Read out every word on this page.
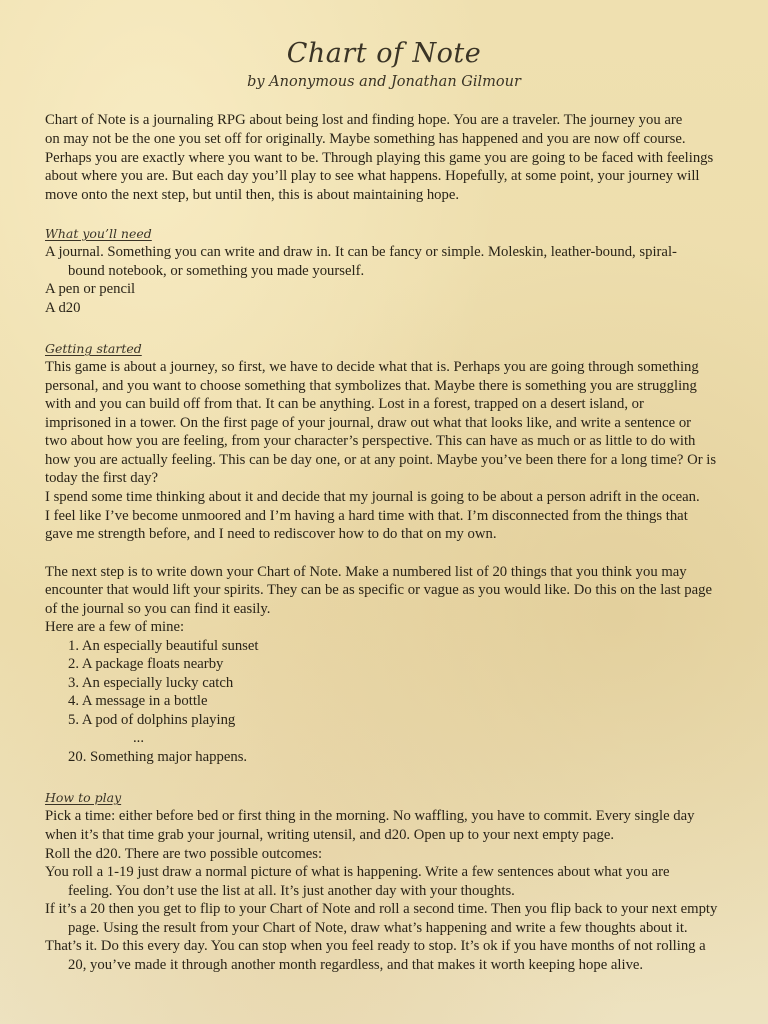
Chart of Note
by Anonymous and Jonathan Gilmour
Chart of Note is a journaling RPG about being lost and finding hope. You are a traveler. The journey you are
on may not be the one you set off for originally. Maybe something has happened and you are now off course.
Perhaps you are exactly where you want to be. Through playing this game you are going to be faced with feelings
about where you are. But each day you’ll play to see what happens. Hopefully, at some point, your journey will
move onto the next step, but until then, this is about maintaining hope.
What you’ll need
A journal. Something you can write and draw in. It can be fancy or simple. Moleskin, leather-bound, spiral-
bound notebook, or something you made yourself.
A pen or pencil
A d20
Getting started
This game is about a journey, so first, we have to decide what that is. Perhaps you are going through something
personal, and you want to choose something that symbolizes that. Maybe there is something you are struggling
with and you can build off from that. It can be anything. Lost in a forest, trapped on a desert island, or
imprisoned in a tower. On the first page of your journal, draw out what that looks like, and write a sentence or
two about how you are feeling, from your character’s perspective. This can have as much or as little to do with
how you are actually feeling. This can be day one, or at any point. Maybe you’ve been there for a long time? Or is
today the first day?
I spend some time thinking about it and decide that my journal is going to be about a person adrift in the ocean.
I feel like I’ve become unmoored and I’m having a hard time with that. I’m disconnected from the things that
gave me strength before, and I need to rediscover how to do that on my own.
The next step is to write down your Chart of Note. Make a numbered list of 20 things that you think you may
encounter that would lift your spirits. They can be as specific or vague as you would like. Do this on the last page
of the journal so you can find it easily.
Here are a few of mine:
1. An especially beautiful sunset
2. A package floats nearby
3. An especially lucky catch
4. A message in a bottle
5. A pod of dolphins playing
...
20. Something major happens.
How to play
Pick a time: either before bed or first thing in the morning. No waffling, you have to commit. Every single day
when it’s that time grab your journal, writing utensil, and d20. Open up to your next empty page.
Roll the d20. There are two possible outcomes:
You roll a 1-19 just draw a normal picture of what is happening. Write a few sentences about what you are
feeling. You don’t use the list at all. It’s just another day with your thoughts.
If it’s a 20 then you get to flip to your Chart of Note and roll a second time. Then you flip back to your next empty
page. Using the result from your Chart of Note, draw what’s happening and write a few thoughts about it.
That’s it. Do this every day. You can stop when you feel ready to stop. It’s ok if you have months of not rolling a
20, you’ve made it through another month regardless, and that makes it worth keeping hope alive.
